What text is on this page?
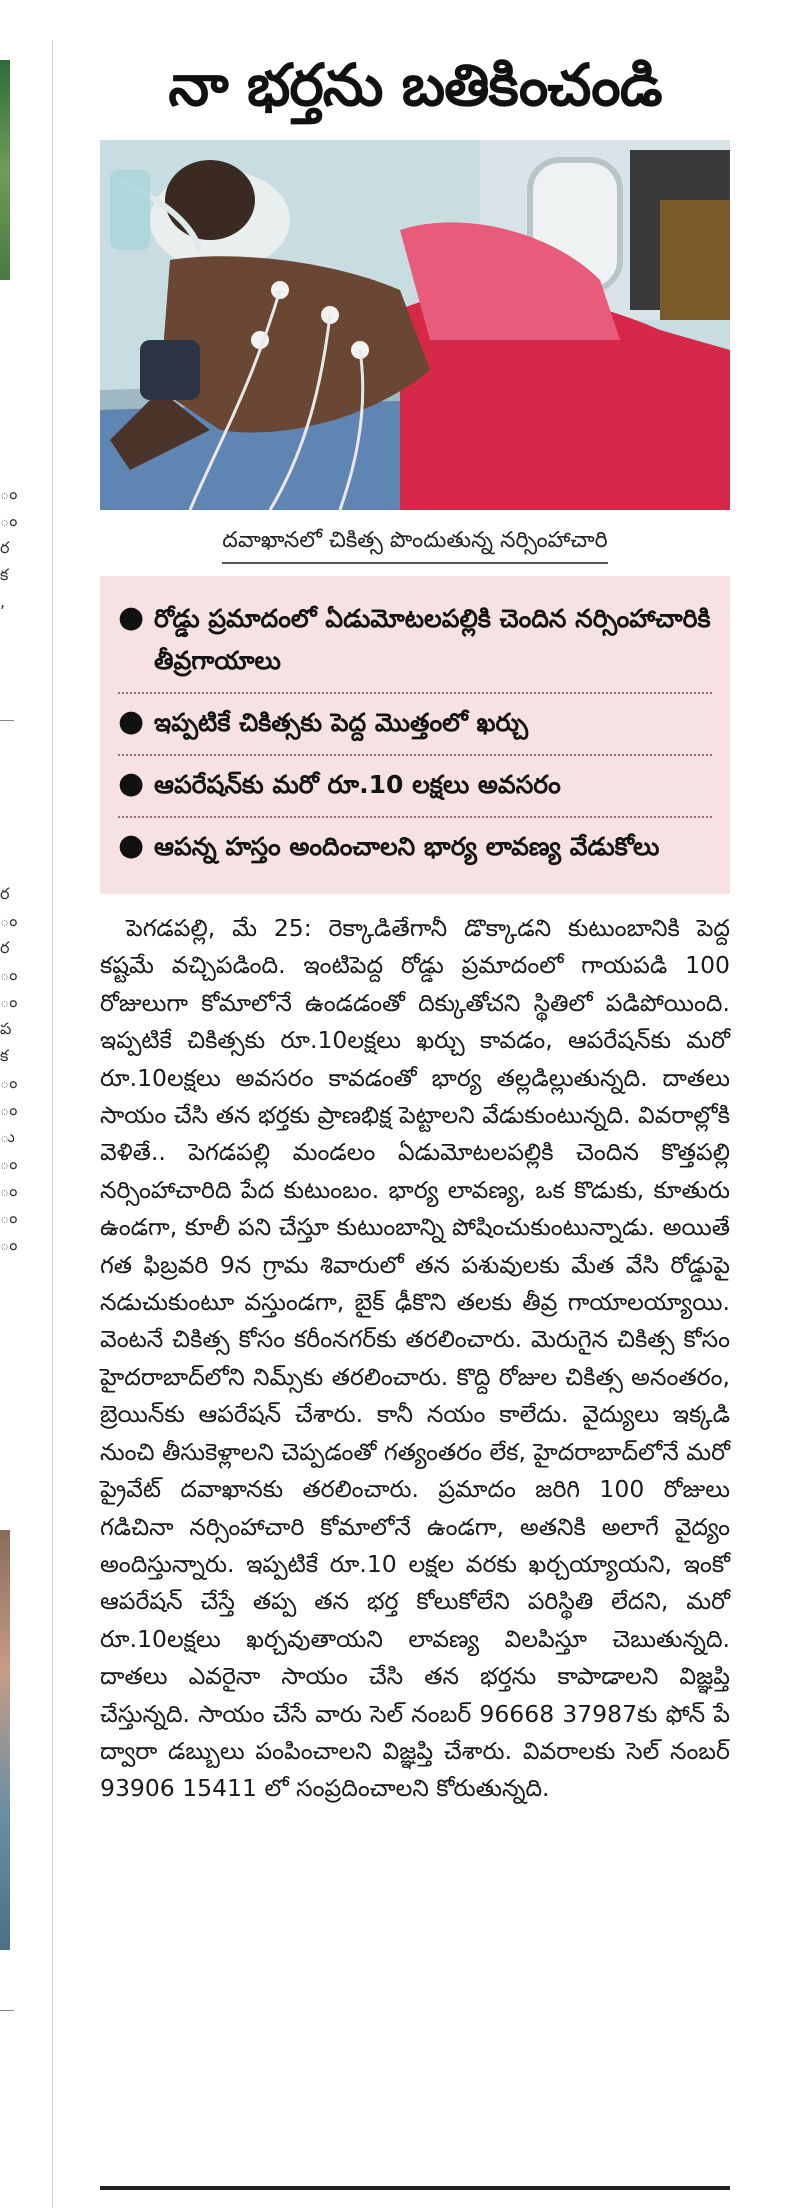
ం
ం
ర
క
,
ర
ం
ర
ం
ం
ప
క
ం
ం
ు
ం
ం
ం
ం
నా భర్తను బతికించండి
దవాఖానలో చికిత్స పొందుతున్న నర్సింహాచారి
● రోడ్డు ప్రమాదంలో ఏడుమోటలపల్లికి చెందిన నర్సింహాచారికి తీవ్రగాయాలు
● ఇప్పటికే చికిత్సకు పెద్ద మొత్తంలో ఖర్చు
● ఆపరేషన్‌కు మరో రూ.10 లక్షలు అవసరం
● ఆపన్న హస్తం అందించాలని భార్య లావణ్య వేడుకోలు
పెగడపల్లి, మే 25: రెక్కాడితేగానీ డొక్కాడని కుటుంబానికి పెద్ద కష్టమే వచ్చిపడింది. ఇంటిపెద్ద రోడ్డు ప్రమాదంలో గాయపడి 100 రోజులుగా కోమాలోనే ఉండడంతో దిక్కుతోచని స్థితిలో పడిపోయింది. ఇప్పటికే చికిత్సకు రూ.10లక్షలు ఖర్చు కావడం, ఆపరేషన్‌కు మరో రూ.10లక్షలు అవసరం కావడంతో భార్య తల్లడిల్లుతున్నది. దాతలు సాయం చేసి తన భర్తకు ప్రాణభిక్ష పెట్టాలని వేడుకుంటున్నది. వివరాల్లోకి వెళితే.. పెగడపల్లి మండలం ఏడుమోటలపల్లికి చెందిన కొత్తపల్లి నర్సింహాచారిది పేద కుటుంబం. భార్య లావణ్య, ఒక కొడుకు, కూతురు ఉండగా, కూలీ పని చేస్తూ కుటుంబాన్ని పోషించుకుంటున్నాడు. అయితే గత ఫిబ్రవరి 9న గ్రామ శివారులో తన పశువులకు మేత వేసి రోడ్డుపై నడుచుకుంటూ వస్తుండగా, బైక్ ఢీకొని తలకు తీవ్ర గాయాలయ్యాయి. వెంటనే చికిత్స కోసం కరీంనగర్‌కు తరలించారు. మెరుగైన చికిత్స కోసం హైదరాబాద్‌లోని నిమ్స్‌కు తరలించారు. కొద్ది రోజుల చికిత్స అనంతరం, బ్రెయిన్‌కు ఆపరేషన్ చేశారు. కానీ నయం కాలేదు. వైద్యులు ఇక్కడి నుంచి తీసుకెళ్లాలని చెప్పడంతో గత్యంతరం లేక, హైదరాబాద్‌లోనే మరో ప్రైవేట్ దవాఖానకు తరలించారు. ప్రమాదం జరిగి 100 రోజులు గడిచినా నర్సింహాచారి కోమాలోనే ఉండగా, అతనికి అలాగే వైద్యం అందిస్తున్నారు. ఇప్పటికే రూ.10 లక్షల వరకు ఖర్చయ్యాయని, ఇంకో ఆపరేషన్ చేస్తే తప్ప తన భర్త కోలుకోలేని పరిస్థితి లేదని, మరో రూ.10లక్షలు ఖర్చవుతాయని లావణ్య విలపిస్తూ చెబుతున్నది. దాతలు ఎవరైనా సాయం చేసి తన భర్తను కాపాడాలని విజ్ఞప్తి చేస్తున్నది. సాయం చేసే వారు సెల్ నంబర్ 96668 37987కు ఫోన్ పే ద్వారా డబ్బులు పంపించాలని విజ్ఞప్తి చేశారు. వివరాలకు సెల్ నంబర్ 93906 15411 లో సంప్రదించాలని కోరుతున్నది.
